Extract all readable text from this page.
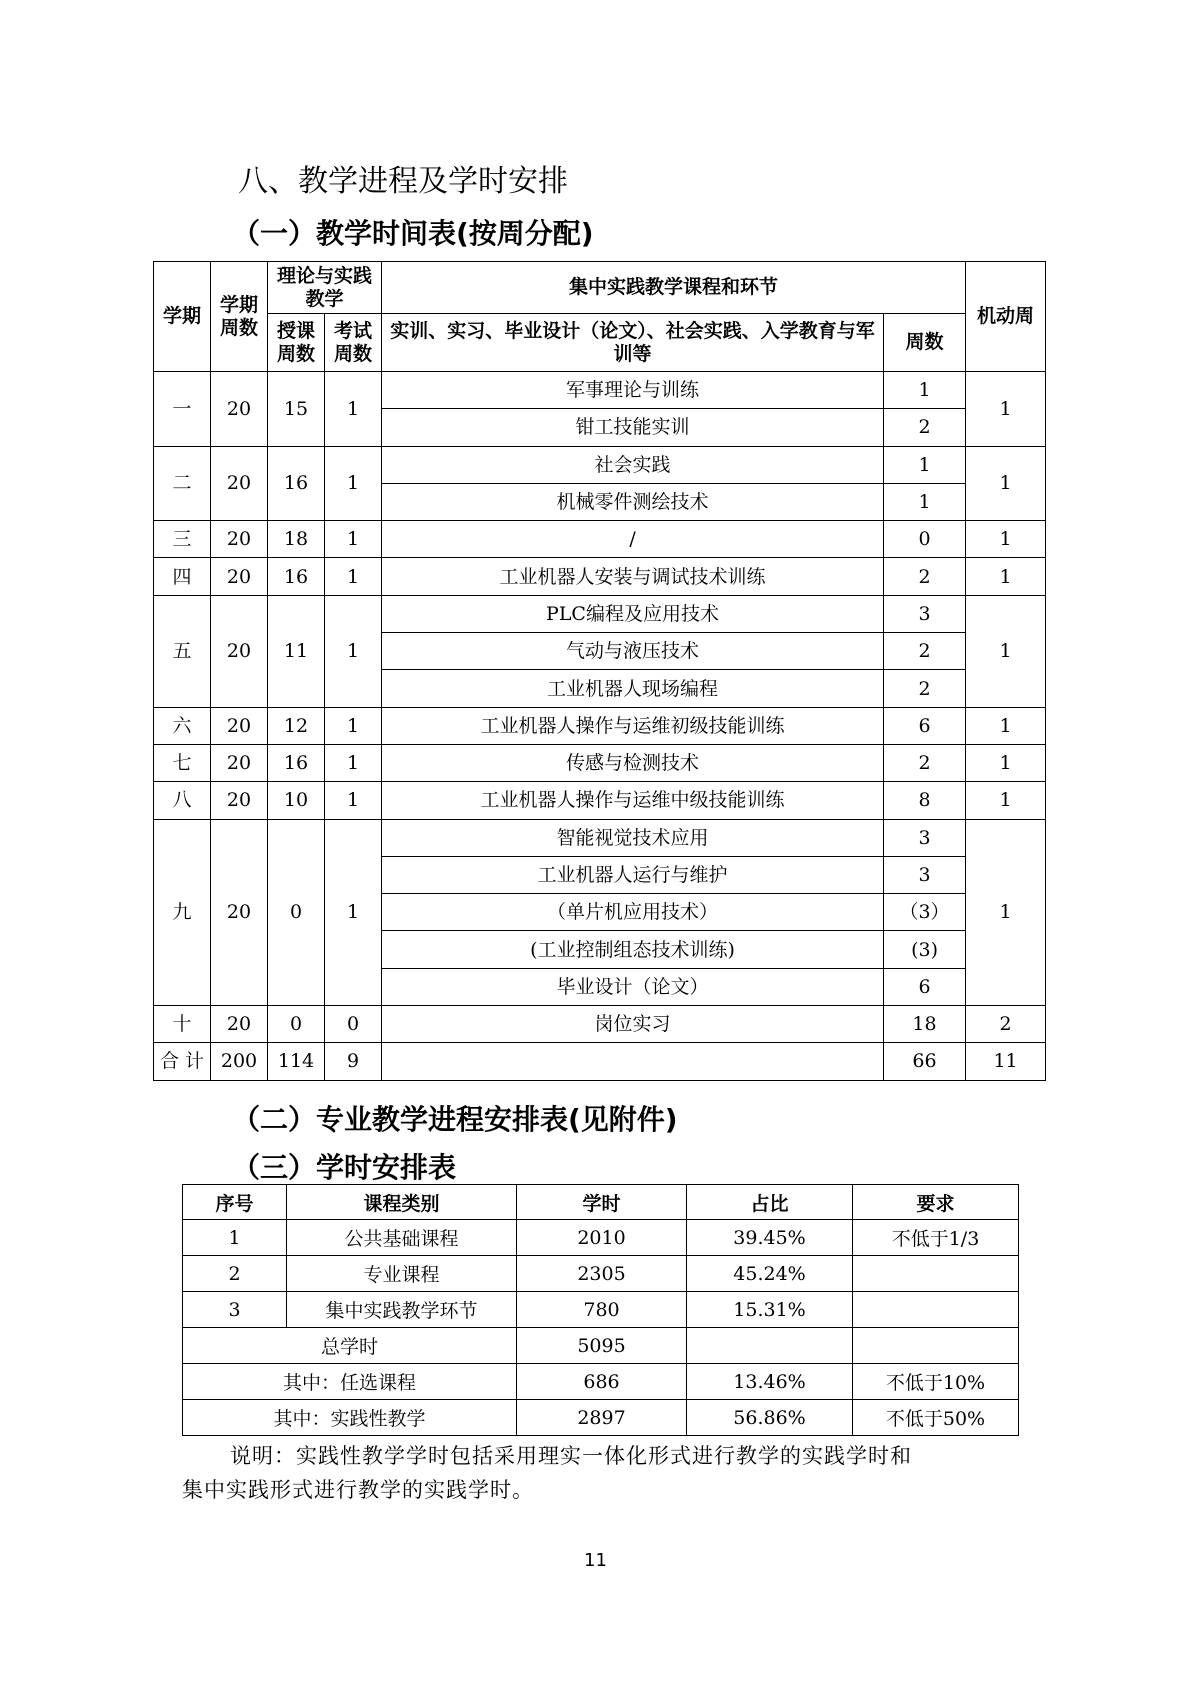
八、教学进程及学时安排
（一）教学时间表(按周分配)
学期	学期周数	理论与实践教学		集中实践教学课程和环节		机动周
		授课周数	考试周数	实训、实习、毕业设计（论文）、社会实践、入学教育与军训等	周数	
一	20	15	1	军事理论与训练	1	1
				钳工技能实训	2	
二	20	16	1	社会实践	1	1
				机械零件测绘技术	1	
三	20	18	1	/	0	1
四	20	16	1	工业机器人安装与调试技术训练	2	1
五	20	11	1	PLC编程及应用技术	3	1
				气动与液压技术	2	
				工业机器人现场编程	2	
六	20	12	1	工业机器人操作与运维初级技能训练	6	1
七	20	16	1	传感与检测技术	2	1
八	20	10	1	工业机器人操作与运维中级技能训练	8	1
九	20	0	1	智能视觉技术应用	3	1
				工业机器人运行与维护	3	
				（单片机应用技术）	（3）	
				(工业控制组态技术训练)	(3)	
				毕业设计（论文）	6	
十	20	0	0	岗位实习	18	2
合 计	200	114	9		66	11
（二）专业教学进程安排表(见附件)
（三）学时安排表
序号	课程类别	学时	占比	要求
1	公共基础课程	2010	39.45%	不低于1/3
2	专业课程	2305	45.24%	
3	集中实践教学环节	780	15.31%	
总学时		5095		
其中：任选课程		686	13.46%	不低于10%
其中：实践性教学		2897	56.86%	不低于50%
说明：实践性教学学时包括采用理实一体化形式进行教学的实践学时和
集中实践形式进行教学的实践学时。
11
